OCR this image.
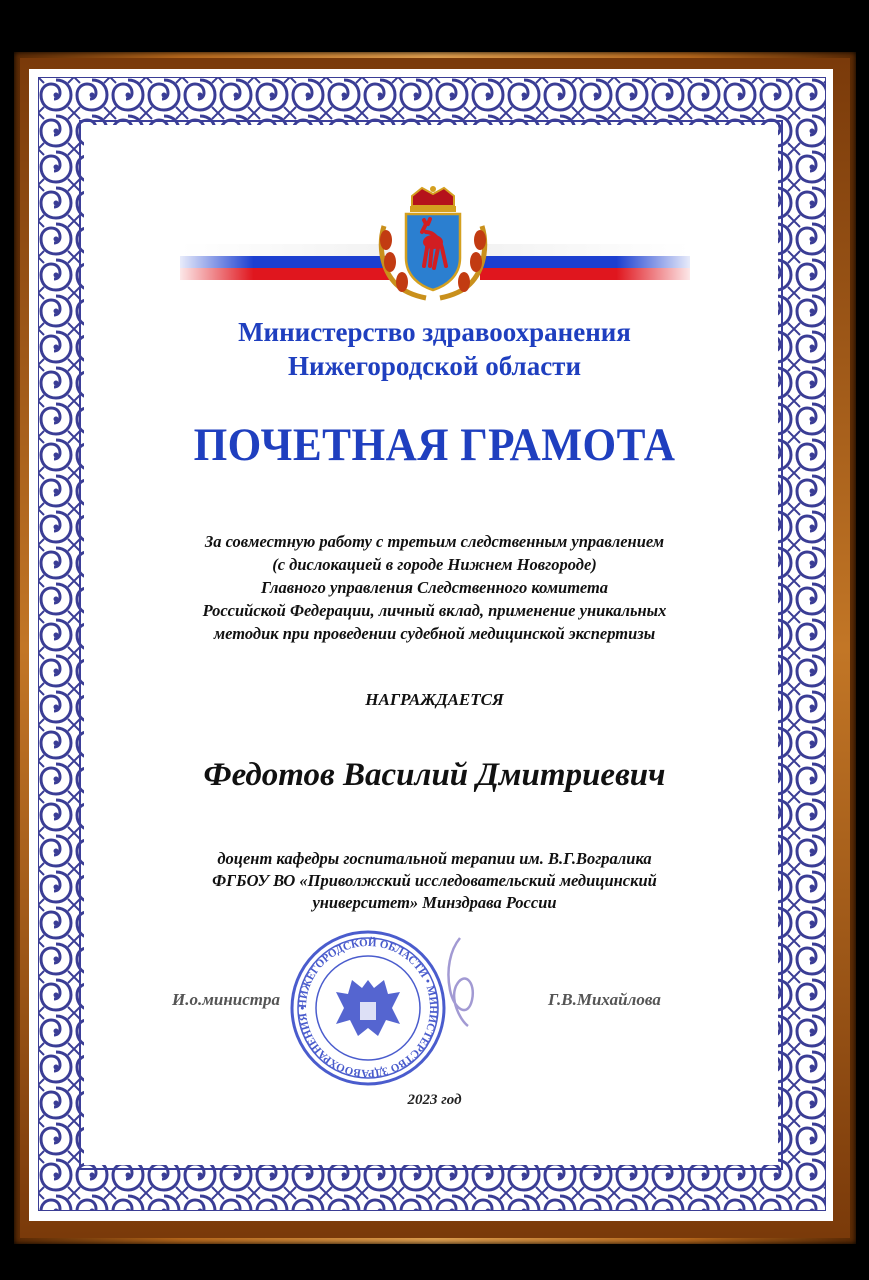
Министерство здравоохранения
Нижегородской области
ПОЧЕТНАЯ ГРАМОТА
За совместную работу с третьим следственным управлением
(с дислокацией в городе Нижнем Новгороде)
Главного управления Следственного комитета
Российской Федерации, личный вклад, применение уникальных
методик при проведении судебной медицинской экспертизы
НАГРАЖДАЕТСЯ
Федотов Василий Дмитриевич
доцент кафедры госпитальной терапии им. В.Г.Вогралика
ФГБОУ ВО «Приволжский исследовательский медицинский
университет» Минздрава России
НИЖЕГОРОДСКОЙ ОБЛАСТИ • МИНИСТЕРСТВО ЗДРАВООХРАНЕНИЯ •
И.о.министра	Г.В.Михайлова
2023 год
